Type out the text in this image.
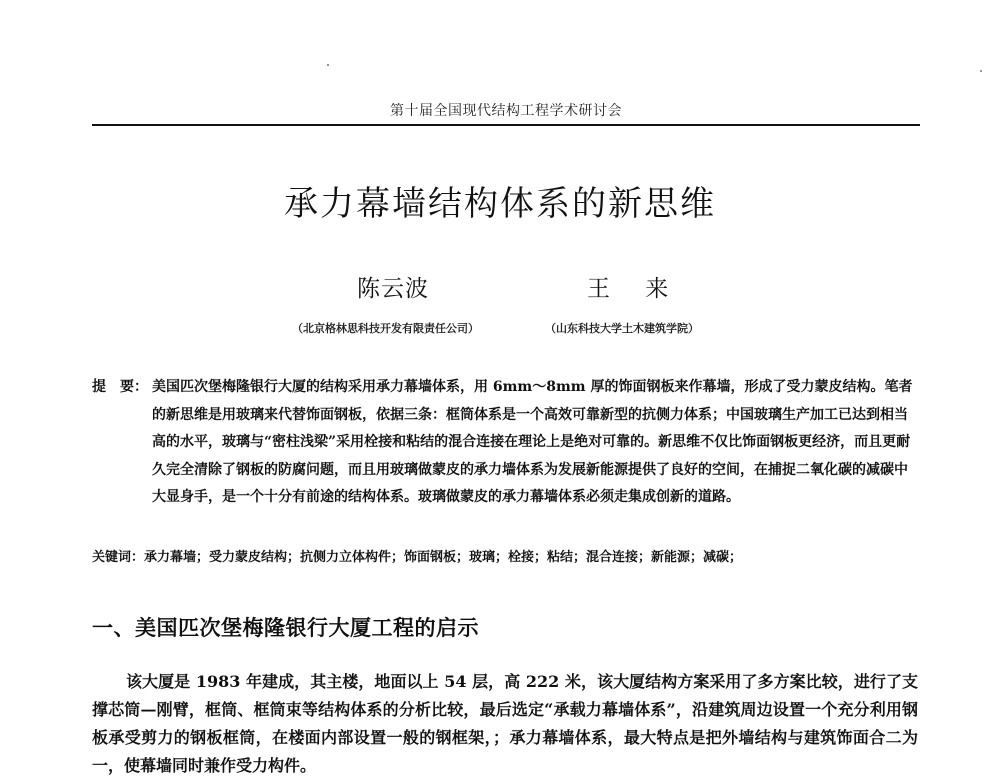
第十届全国现代结构工程学术研讨会
承力幕墙结构体系的新思维
陈云波	王 来
（北京格林思科技开发有限责任公司）	（山东科技大学土木建筑学院）
提　要： 美国匹次堡梅隆银行大厦的结构采用承力幕墙体系，用 6mm～8mm 厚的饰面钢板来作幕墙，形成了受力蒙皮结构。笔者的新思维是用玻璃来代替饰面钢板，依据三条：框筒体系是一个高效可靠新型的抗侧力体系；中国玻璃生产加工已达到相当高的水平，玻璃与“密柱浅梁”采用栓接和粘结的混合连接在理论上是绝对可靠的。新思维不仅比饰面钢板更经济，而且更耐久完全清除了钢板的防腐问题，而且用玻璃做蒙皮的承力墙体系为发展新能源提供了良好的空间，在捕捉二氧化碳的减碳中大显身手，是一个十分有前途的结构体系。玻璃做蒙皮的承力幕墙体系必须走集成创新的道路。
关键词：承力幕墙；受力蒙皮结构；抗侧力立体构件；饰面钢板；玻璃；栓接；粘结；混合连接；新能源；减碳；
一、美国匹次堡梅隆银行大厦工程的启示
该大厦是 1983 年建成，其主楼，地面以上 54 层，高 222 米，该大厦结构方案采用了多方案比较，进行了支撑芯筒—刚臂，框筒、框筒束等结构体系的分析比较，最后选定“承载力幕墙体系”，沿建筑周边设置一个充分利用钢板承受剪力的钢板框筒，在楼面内部设置一般的钢框架，；承力幕墙体系，最大特点是把外墙结构与建筑饰面合二为一，使幕墙同时兼作受力构件。
